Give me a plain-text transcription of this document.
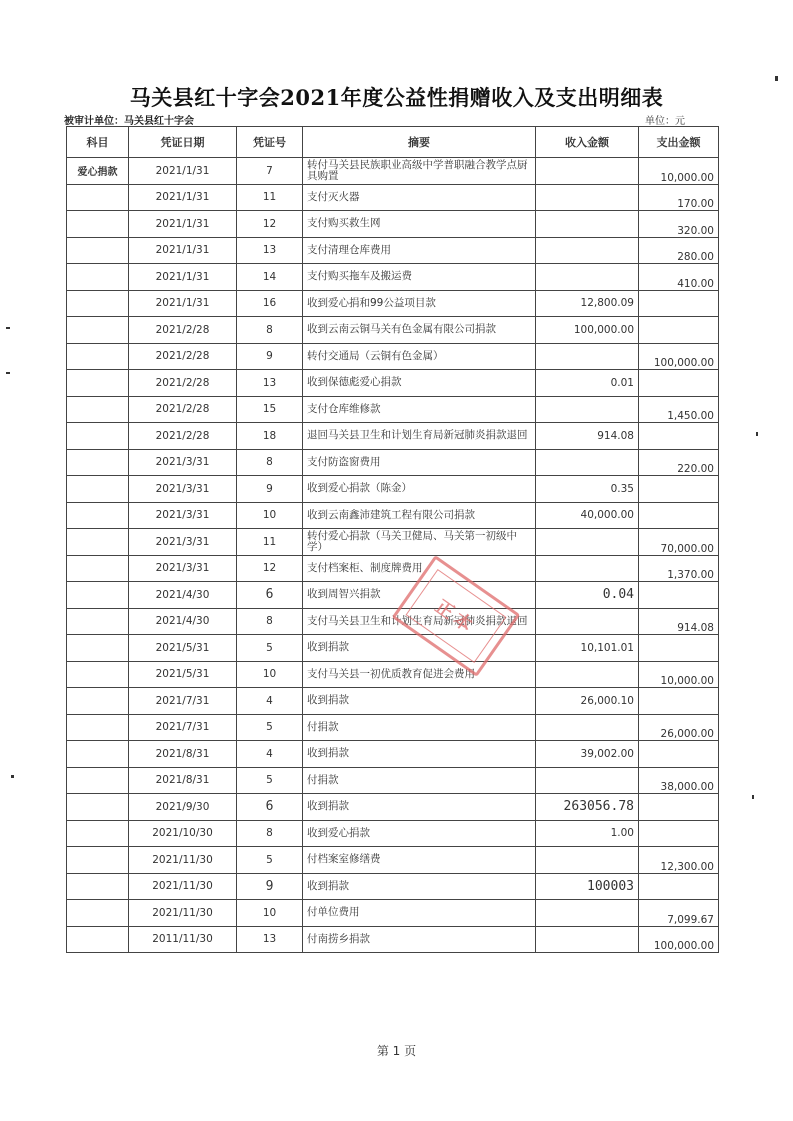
马关县红十字会2021年度公益性捐赠收入及支出明细表
被审计单位：马关县红十字会	单位：元
科目	凭证日期	凭证号	摘要	收入金额	支出金额
爱心捐款	2021/1/31	7	转付马关县民族职业高级中学普职融合教学点厨具购置		10,000.00
	2021/1/31	11	支付灭火器		170.00
	2021/1/31	12	支付购买救生网		320.00
	2021/1/31	13	支付清理仓库费用		280.00
	2021/1/31	14	支付购买拖车及搬运费		410.00
	2021/1/31	16	收到爱心捐和99公益项目款	12,800.09	
	2021/2/28	8	收到云南云铜马关有色金属有限公司捐款	100,000.00	
	2021/2/28	9	转付交通局（云铜有色金属）		100,000.00
	2021/2/28	13	收到保德彪爱心捐款	0.01	
	2021/2/28	15	支付仓库维修款		1,450.00
	2021/2/28	18	退回马关县卫生和计划生育局新冠肺炎捐款退回	914.08	
	2021/3/31	8	支付防盗窗费用		220.00
	2021/3/31	9	收到爱心捐款（陈金）	0.35	
	2021/3/31	10	收到云南鑫沛建筑工程有限公司捐款	40,000.00	
	2021/3/31	11	转付爱心捐款（马关卫健局、马关第一初级中学）		70,000.00
	2021/3/31	12	支付档案柜、制度牌费用		1,370.00
	2021/4/30	6	收到周智兴捐款	0.04	
	2021/4/30	8	支付马关县卫生和计划生育局新冠肺炎捐款退回		914.08
	2021/5/31	5	收到捐款	10,101.01	
	2021/5/31	10	支付马关县一初优质教育促进会费用		10,000.00
	2021/7/31	4	收到捐款	26,000.10	
	2021/7/31	5	付捐款		26,000.00
	2021/8/31	4	收到捐款	39,002.00	
	2021/8/31	5	付捐款		38,000.00
	2021/9/30	6	收到捐款	263056.78	
	2021/10/30	8	收到爱心捐款	1.00	
	2021/11/30	5	付档案室修缮费		12,300.00
	2021/11/30	9	收到捐款	100003	
	2021/11/30	10	付单位费用		7,099.67
	2011/11/30	13	付南捞乡捐款		100,000.00
正本
第 1 页
